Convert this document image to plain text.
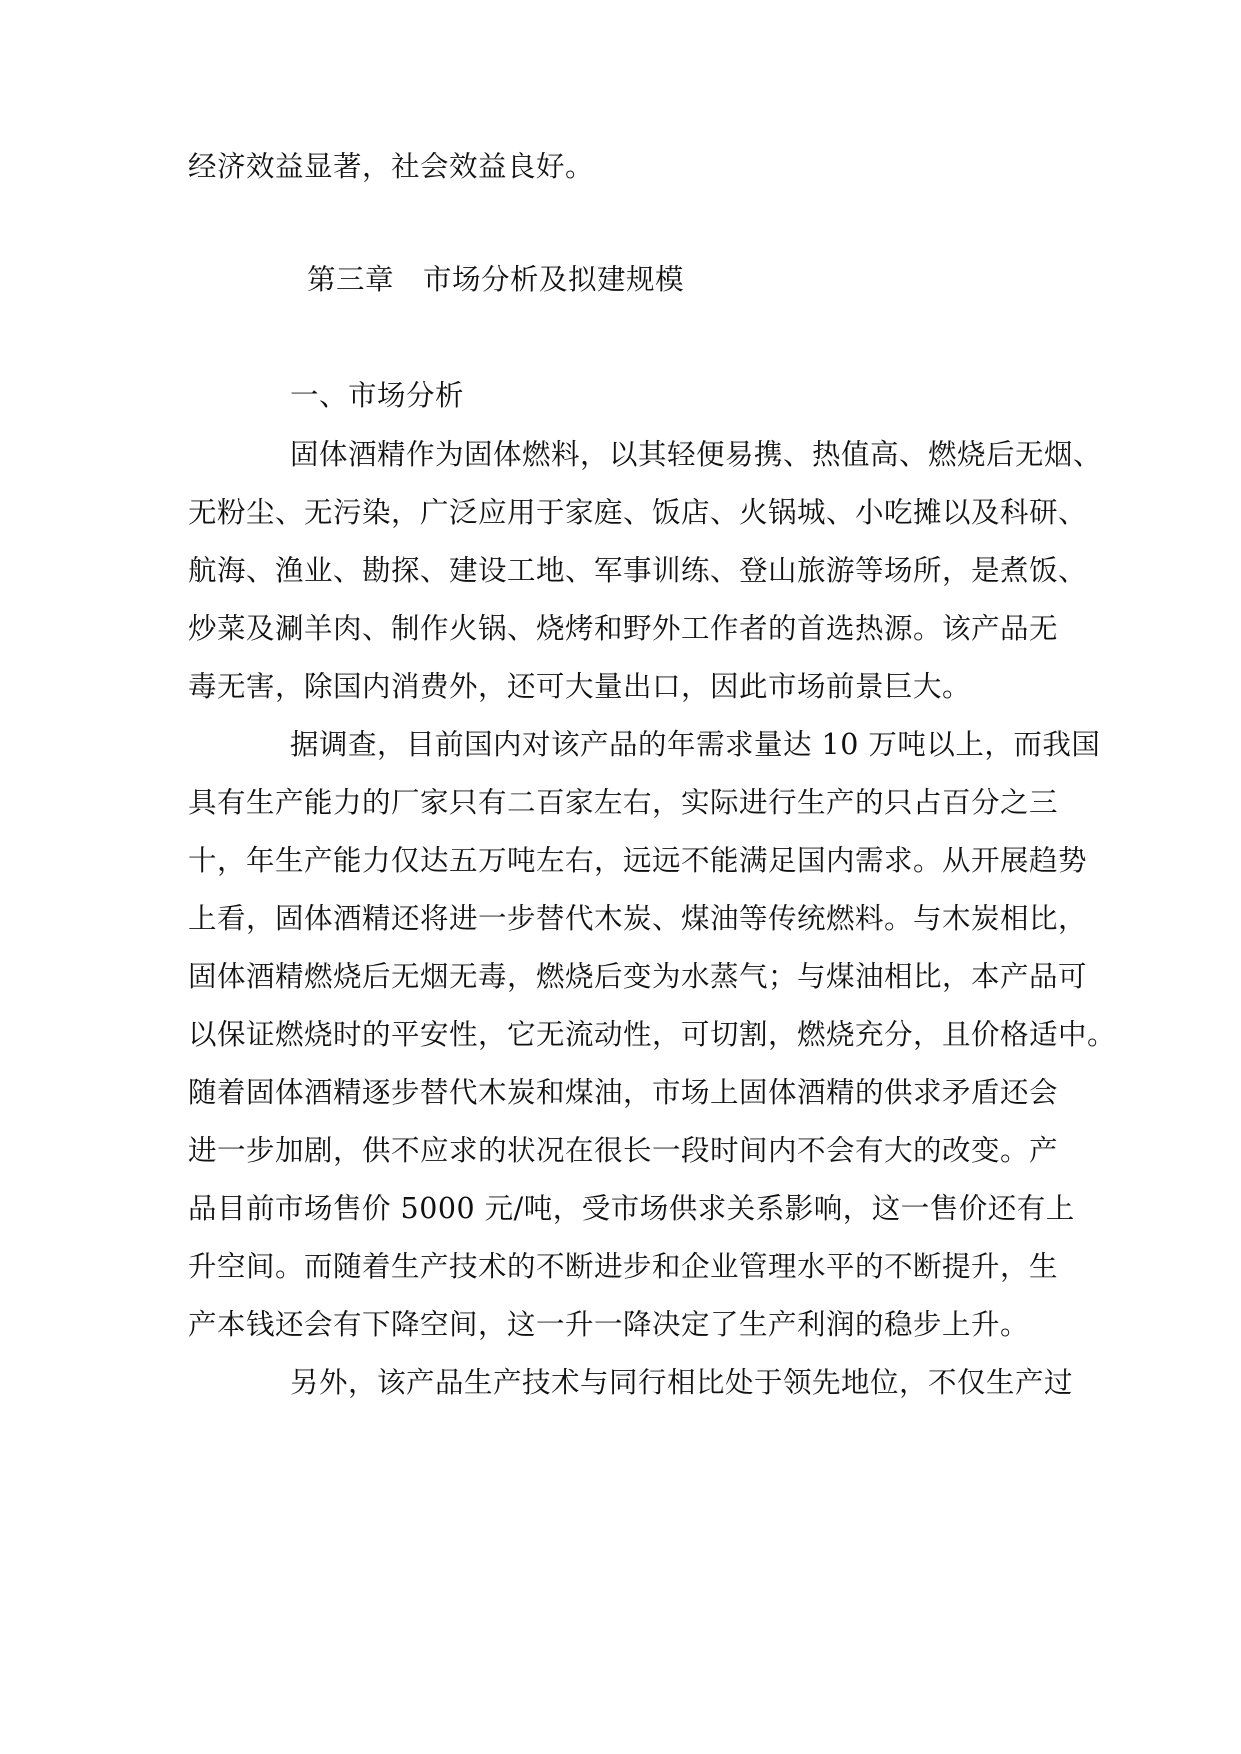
经济效益显著，社会效益良好。
第三章　市场分析及拟建规模
一、市场分析
固体酒精作为固体燃料，以其轻便易携、热值高、燃烧后无烟、
无粉尘、无污染，广泛应用于家庭、饭店、火锅城、小吃摊以及科研、
航海、渔业、勘探、建设工地、军事训练、登山旅游等场所，是煮饭、
炒菜及涮羊肉、制作火锅、烧烤和野外工作者的首选热源。该产品无
毒无害，除国内消费外，还可大量出口，因此市场前景巨大。
据调查，目前国内对该产品的年需求量达 10 万吨以上，而我国
具有生产能力的厂家只有二百家左右，实际进行生产的只占百分之三
十，年生产能力仅达五万吨左右，远远不能满足国内需求。从开展趋势
上看，固体酒精还将进一步替代木炭、煤油等传统燃料。与木炭相比，
固体酒精燃烧后无烟无毒，燃烧后变为水蒸气；与煤油相比，本产品可
以保证燃烧时的平安性，它无流动性，可切割，燃烧充分，且价格适中。
随着固体酒精逐步替代木炭和煤油，市场上固体酒精的供求矛盾还会
进一步加剧，供不应求的状况在很长一段时间内不会有大的改变。产
品目前市场售价 5000 元/吨，受市场供求关系影响，这一售价还有上
升空间。而随着生产技术的不断进步和企业管理水平的不断提升，生
产本钱还会有下降空间，这一升一降决定了生产利润的稳步上升。
另外，该产品生产技术与同行相比处于领先地位，不仅生产过
